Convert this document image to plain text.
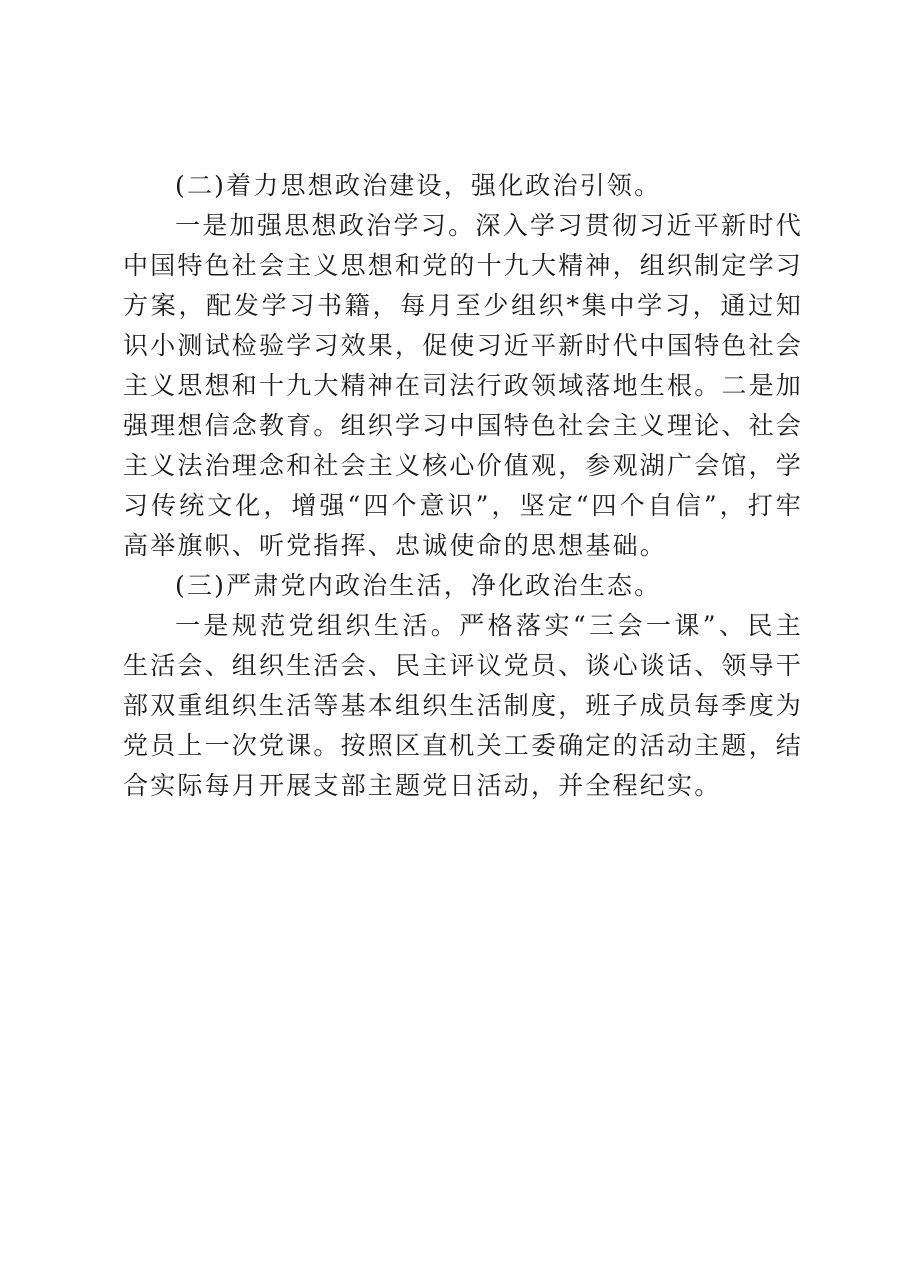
(二)着力思想政治建设，强化政治引领。

一是加强思想政治学习。深入学习贯彻习近平新时代中国特色社会主义思想和党的十九大精神，组织制定学习方案，配发学习书籍，每月至少组织*集中学习，通过知识小测试检验学习效果，促使习近平新时代中国特色社会主义思想和十九大精神在司法行政领域落地生根。二是加强理想信念教育。组织学习中国特色社会主义理论、社会主义法治理念和社会主义核心价值观，参观湖广会馆，学习传统文化，增强“四个意识”，坚定“四个自信”，打牢高举旗帜、听党指挥、忠诚使命的思想基础。

(三)严肃党内政治生活，净化政治生态。

一是规范党组织生活。严格落实“三会一课”、民主生活会、组织生活会、民主评议党员、谈心谈话、领导干部双重组织生活等基本组织生活制度，班子成员每季度为党员上一次党课。按照区直机关工委确定的活动主题，结合实际每月开展支部主题党日活动，并全程纪实。
